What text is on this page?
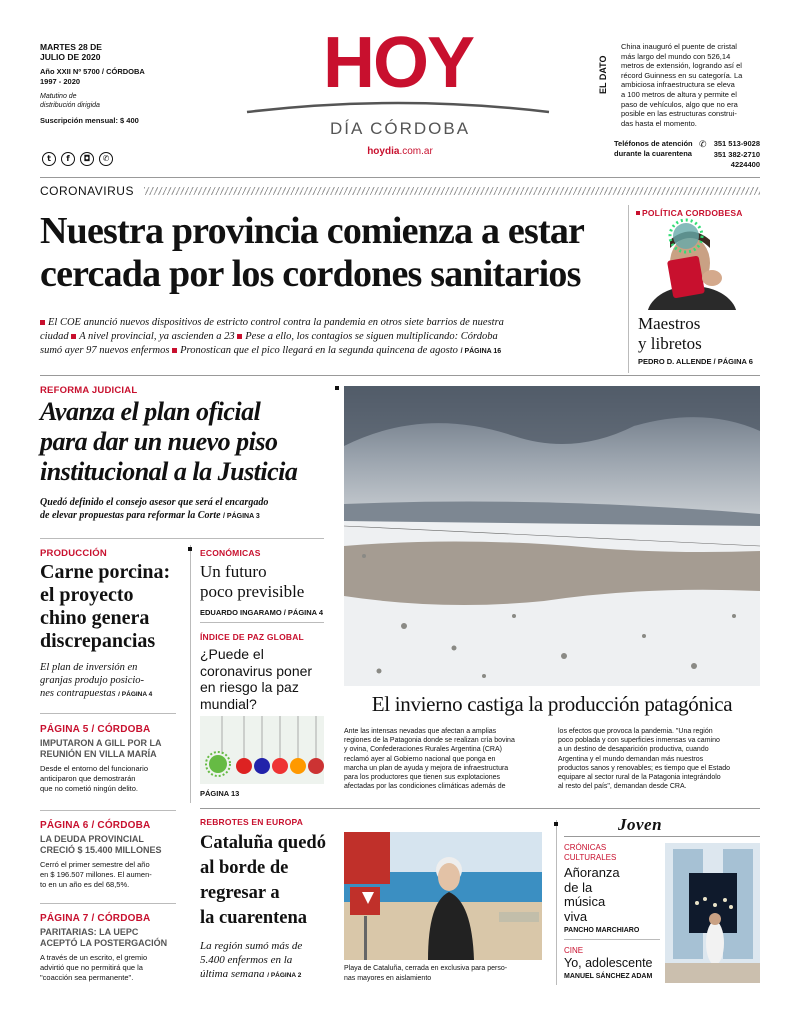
MARTES 28 DE
JULIO DE 2020
Año XXII Nº 5700 / CÓRDOBA
1997 - 2020
Matutino de
distribución dirigida
Suscripción mensual: $ 400
t	f	◘	✆
HOY
DÍA CÓRDOBA
hoydia.com.ar
EL DATO
China inauguró el puente de cristal
más largo del mundo con 526,14
metros de extensión, logrando así el
récord Guinness en su categoría. La
ambiciosa infraestructura se eleva
a 100 metros de altura y permite el
paso de vehículos, algo que no era
posible en las estructuras construi-
das hasta el momento.
Teléfonos de atención
durante la cuarentena
✆ 351 513-9028
351 382-2710
4224400
CORONAVIRUS
Nuestra provincia comienza a estar
cercada por los cordones sanitarios
El COE anunció nuevos dispositivos de estricto control contra la pandemia en otros siete barrios de nuestra
ciudad A nivel provincial, ya ascienden a 23 Pese a ello, los contagios se siguen multiplicando: Córdoba
sumó ayer 97 nuevos enfermos Pronostican que el pico llegará en la segunda quincena de agosto / PÁGINA 16
POLÍTICA CORDOBESA
Maestros
y libretos
PEDRO D. ALLENDE / PÁGINA 6
REFORMA JUDICIAL
Avanza el plan oficial
para dar un nuevo piso
institucional a la Justicia
Quedó definido el consejo asesor que será el encargado
de elevar propuestas para reformar la Corte / PÁGINA 3
PRODUCCIÓN
Carne porcina:
el proyecto
chino genera
discrepancias
El plan de inversión en
granjas produjo posicio-
nes contrapuestas / PÁGINA 4
PÁGINA 5 / CÓRDOBA
IMPUTARON A GILL POR LA
REUNIÓN EN VILLA MARÍA
Desde el entorno del funcionario
anticiparon que demostrarán
que no cometió ningún delito.
PÁGINA 6 / CÓRDOBA
LA DEUDA PROVINCIAL
CRECIÓ $ 15.400 MILLONES
Cerró el primer semestre del año
en $ 196.507 millones. El aumen-
to en un año es del 68,5%.
PÁGINA 7 / CÓRDOBA
PARITARIAS: LA UEPC
ACEPTÓ LA POSTERGACIÓN
A través de un escrito, el gremio
advirtió que no permitirá que la
"coacción sea permanente".
ECONÓMICAS
Un futuro
poco previsible
EDUARDO INGARAMO / PÁGINA 4
ÍNDICE DE PAZ GLOBAL
¿Puede el
coronavirus poner
en riesgo la paz
mundial?
PÁGINA 13
El invierno castiga la producción patagónica
Ante las intensas nevadas que afectan a amplias
regiones de la Patagonia donde se realizan cría bovina
y ovina, Confederaciones Rurales Argentina (CRA)
reclamó ayer al Gobierno nacional que ponga en
marcha un plan de ayuda y mejora de infraestructura
para los productores que tienen sus explotaciones
afectadas por las condiciones climáticas además de
los efectos que provoca la pandemia. "Una región
poco poblada y con superficies inmensas va camino
a un destino de desaparición productiva, cuando
Argentina y el mundo demandan más nuestros
productos sanos y renovables; es tiempo que el Estado
equipare al sector rural de la Patagonia integrándolo
al resto del país", demandan desde CRA.
REBROTES EN EUROPA
Cataluña quedó
al borde de
regresar a
la cuarentena
La región sumó más de
5.400 enfermos en la
última semana / PÁGINA 2
Playa de Cataluña, cerrada en exclusiva para perso-
nas mayores en aislamiento
Joven
CRÓNICAS
CULTURALES
Añoranza
de la
música
viva
PANCHO MARCHIARO
CINE
Yo, adolescente
MANUEL SÁNCHEZ ADAM
